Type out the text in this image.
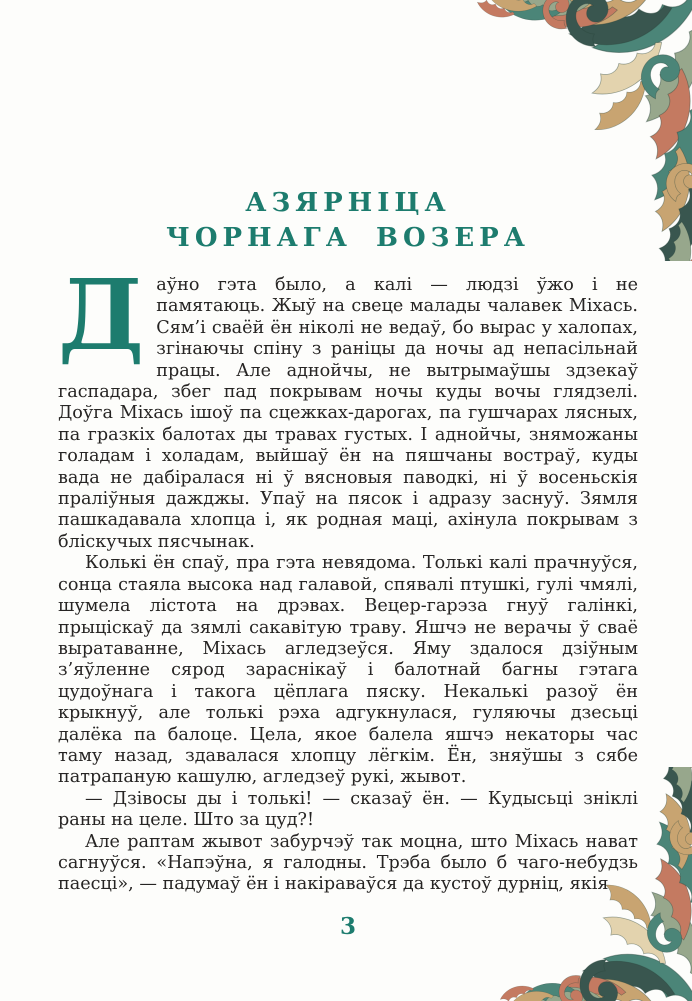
АЗЯРНІЦА
ЧОРНАГА ВОЗЕРА

Даўно гэта было, а калі — людзі ўжо і не памятаюць. Жыў на свеце малады чалавек Міхась. Сям’і сваёй ён ніколі не ведаў, бо вырас у халопах, згінаючы спіну з раніцы да ночы ад непасільнай працы. Але аднойчы, не вытрымаўшы здзекаў гаспадара, збег пад покрывам ночы куды вочы глядзелі. Доўга Міхась ішоў па сцежках-дарогах, па гушчарах лясных, па гразкіх балотах ды травах густых. І аднойчы, зняможаны голадам і холадам, выйшаў ён на пяшчаны востраў, куды вада не дабіралася ні ў вясновыя паводкі, ні ў восеньскія праліўныя дажджы. Упаў на пясок і адразу заснуў. Зямля пашкадавала хлопца і, як родная маці, ахінула покрывам з бліскучых пясчынак.

Колькі ён спаў, пра гэта невядома. Толькі калі прачнуўся, сонца стаяла высока над галавой, спявалі птушкі, гулі чмялі, шумела лістота на дрэвах. Вецер-гарэза гнуў галінкі, прыціскаў да зямлі сакавітую траву. Яшчэ не верачы ў сваё выратаванне, Міхась агледзеўся. Яму здалося дзіўным з’яўленне сярод зараснікаў і балотнай багны гэтага цудоўнага і такога цёплага пяску. Некалькі разоў ён крыкнуў, але толькі рэха адгукнулася, гуляючы дзесьці далёка па балоце. Цела, якое балела яшчэ некаторы час таму назад, здавалася хлопцу лёгкім. Ён, зняўшы з сябе патрапаную кашулю, агледзеў рукі, жывот.

— Дзівосы ды і толькі! — сказаў ён. — Кудысьці зніклі раны на целе. Што за цуд?!

Але раптам жывот забурчэў так моцна, што Міхась нават сагнуўся. «Напэўна, я галодны. Трэба было б чаго-небудзь паесці», — падумаў ён і накіраваўся да кустоў дурніц, якія

3
